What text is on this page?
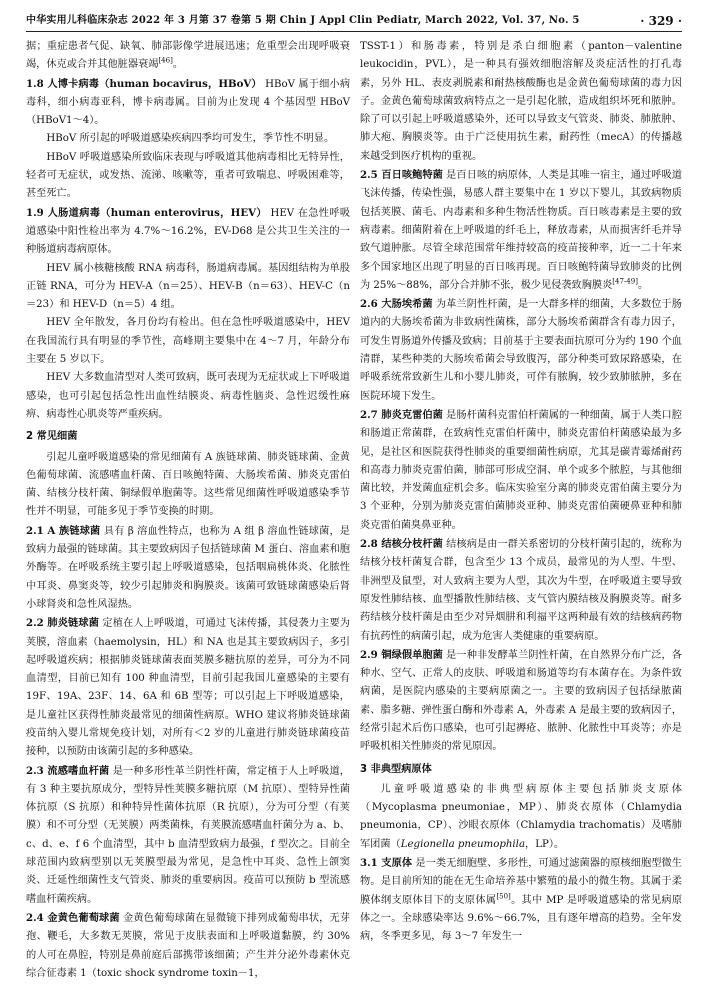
中华实用儿科临床杂志 2022 年 3 月第 37 卷第 5 期 Chin J Appl Clin Pediatr, March 2022, Vol. 37, No. 5	· 329 ·

据；重症患者气促、缺氧、肺部影像学进展迅速；危重型会出现呼吸衰竭，休克或合并其他脏器衰竭[46]。

1.8 人博卡病毒（human bocavirus，HBoV） HBoV 属于细小病毒科，细小病毒亚科，博卡病毒属。目前为止发现 4 个基因型 HBoV（HBoV1～4）。

HBoV 所引起的呼吸道感染疾病四季均可发生，季节性不明显。

HBoV 呼吸道感染所致临床表现与呼吸道其他病毒相比无特异性，轻者可无症状，或发热、流涕、咳嗽等，重者可致喘息、呼吸困难等，甚至死亡。

1.9 人肠道病毒（human enterovirus，HEV） HEV 在急性呼吸道感染中阳性检出率为 4.7%～16.2%，EV-D68 是公共卫生关注的一种肠道病毒病原体。

HEV 属小核糖核酸 RNA 病毒科，肠道病毒属。基因组结构为单股正链 RNA，可分为 HEV-A（n＝25）、HEV-B（n＝63）、HEV-C（n＝23）和 HEV-D（n＝5）4 组。

HEV 全年散发，各月份均有检出。但在急性呼吸道感染中，HEV 在我国流行具有明显的季节性，高峰期主要集中在 4～7 月，年龄分布主要在 5 岁以下。

HEV 大多数血清型对人类可致病，既可表现为无症状或上下呼吸道感染，也可引起包括急性出血性结膜炎、病毒性脑炎、急性迟缓性麻痹、病毒性心肌炎等严重疾病。

2 常见细菌

引起儿童呼吸道感染的常见细菌有 A 族链球菌、肺炎链球菌、金黄色葡萄球菌、流感嗜血杆菌、百日咳鲍特菌、大肠埃希菌、肺炎克雷伯菌、结核分枝杆菌、铜绿假单胞菌等。这些常见细菌性呼吸道感染季节性并不明显，可能多见于季节变换的时期。

2.1 A 族链球菌 具有 β 溶血性特点，也称为 A 组 β 溶血性链球菌，是致病力最强的链球菌。其主要致病因子包括链球菌 M 蛋白、溶血素和胞外酶等。在呼吸系统主要引起上呼吸道感染，包括咽扁桃体炎、化脓性中耳炎、鼻窦炎等，较少引起肺炎和胸膜炎。该菌可致链球菌感染后肾小球肾炎和急性风湿热。

2.2 肺炎链球菌 定植在人上呼吸道，可通过飞沫传播，其侵袭力主要为荚膜，溶血素（haemolysin，HL）和 NA 也是其主要致病因子，多引起呼吸道疾病；根据肺炎链球菌表面荚膜多糖抗原的差异，可分为不同血清型，目前已知有 100 种血清型，目前引起我国儿童感染的主要有 19F、19A、23F、14、6A 和 6B 型等；可以引起上下呼吸道感染，是儿童社区获得性肺炎最常见的细菌性病原。WHO 建议将肺炎链球菌疫苗纳入婴儿常规免疫计划，对所有＜2 岁的儿童进行肺炎链球菌疫苗接种，以预防由该菌引起的多种感染。

2.3 流感嗜血杆菌 是一种多形性革兰阴性杆菌，常定植于人上呼吸道，有 3 种主要抗原成分，型特异性荚膜多糖抗原（M 抗原）、型特异性菌体抗原（S 抗原）和种特异性菌体抗原（R 抗原），分为可分型（有荚膜）和不可分型（无荚膜）两类菌株，有荚膜流感嗜血杆菌分为 a、b、c、d、e、f 6 个血清型，其中 b 血清型致病力最强，f 型次之。目前全球范围内致病型别以无荚膜型最为常见，是急性中耳炎、急性上颌窦炎、迁延性细菌性支气管炎、肺炎的重要病因。疫苗可以预防 b 型流感嗜血杆菌疾病。

2.4 金黄色葡萄球菌 金黄色葡萄球菌在显微镜下排列成葡萄串状，无芽孢、鞭毛，大多数无荚膜，常见于皮肤表面和上呼吸道黏膜，约 30% 的人可在鼻腔，特别是鼻前庭后部携带该细菌；产生并分泌外毒素休克综合征毒素 1（toxic shock syndrome toxin－1，

TSST-1）和肠毒素，特别是杀白细胞素（panton－valentine leukocidin，PVL），是一种具有强效细胞溶解及炎症活性的打孔毒素，另外 HL、表皮剥脱素和耐热核酸酶也是金黄色葡萄球菌的毒力因子。金黄色葡萄球菌致病特点之一是引起化脓，造成组织坏死和脓肿。除了可以引起上呼吸道感染外，还可以导致支气管炎、肺炎、肺脓肿、肺大疱、胸膜炎等。由于广泛使用抗生素，耐药性（mecA）的传播越来越受到医疗机构的重视。

2.5 百日咳鲍特菌 是百日咳的病原体，人类是其唯一宿主，通过呼吸道飞沫传播，传染性强，易感人群主要集中在 1 岁以下婴儿，其致病物质包括荚膜、菌毛、内毒素和多种生物活性物质。百日咳毒素是主要的致病毒素。细菌附着在上呼吸道的纤毛上，释放毒素，从而损害纤毛并导致气道肿胀。尽管全球范围常年维持较高的疫苗接种率，近一二十年来多个国家地区出现了明显的百日咳再现。百日咳鲍特菌导致肺炎的比例为 25%～88%，部分合并肺不张，极少见侵袭致胸膜炎[47-49]。

2.6 大肠埃希菌 为革兰阴性杆菌，是一大群多样的细菌，大多数位于肠道内的大肠埃希菌为非致病性菌株，部分大肠埃希菌群含有毒力因子，可发生胃肠道外传播及致病；目前基于主要表面抗原可分为约 190 个血清群，某些种类的大肠埃希菌会导致腹泻，部分种类可致尿路感染，在呼吸系统常致新生儿和小婴儿肺炎，可伴有脓胸，较少致肺脓肿，多在医院环境下发生。

2.7 肺炎克雷伯菌 是肠杆菌科克雷伯杆菌属的一种细菌，属于人类口腔和肠道正常菌群，在致病性克雷伯杆菌中，肺炎克雷伯杆菌感染最为多见，是社区和医院获得性肺炎的重要细菌性病原，尤其是碳青霉烯耐药和高毒力肺炎克雷伯菌，肺部可形成空洞、单个或多个脓腔，与其他细菌比较，并发菌血症机会多。临床实验室分离的肺炎克雷伯菌主要分为 3 个亚种，分别为肺炎克雷伯菌肺炎亚种、肺炎克雷伯菌硬鼻亚种和肺炎克雷伯菌臭鼻亚种。

2.8 结核分枝杆菌 结核病是由一群关系密切的分枝杆菌引起的，统称为结核分枝杆菌复合群，包含至少 13 个成员，最常见的为人型、牛型、非洲型及鼠型，对人致病主要为人型，其次为牛型，在呼吸道主要导致原发性肺结核、血型播散性肺结核、支气管内膜结核及胸膜炎等。耐多药结核分枝杆菌是由至少对异烟肼和利福平这两种最有效的结核病药物有抗药性的病菌引起，成为危害人类健康的重要病原。

2.9 铜绿假单胞菌 是一种非发酵革兰阴性杆菌，在自然界分布广泛，各种水、空气、正常人的皮肤、呼吸道和肠道等均有本菌存在。为条件致病菌，是医院内感染的主要病原菌之一。主要的致病因子包括绿脓菌素、脂多糖、弹性蛋白酶和外毒素 A，外毒素 A 是最主要的致病因子，经常引起术后伤口感染，也可引起褥疮、脓肿、化脓性中耳炎等；亦是呼吸机相关性肺炎的常见原因。

3 非典型病原体

儿童呼吸道感染的非典型病原体主要包括肺炎支原体（Mycoplasma pneumoniae，MP）、肺炎衣原体（Chlamydia pneumonia，CP）、沙眼衣原体（Chlamydia trachomatis）及嗜肺军团菌（Legionella pneumophila，LP）。

3.1 支原体 是一类无细胞壁、多形性，可通过滤菌器的原核细胞型微生物。是目前所知的能在无生命培养基中繁殖的最小的微生物。其属于柔膜体纲支原体目下的支原体属[50]。其中 MP 是呼吸道感染的常见病原体之一。全球感染率达 9.6%～66.7%，且有逐年增高的趋势。全年发病，冬季更多见，每 3～7 年发生一
